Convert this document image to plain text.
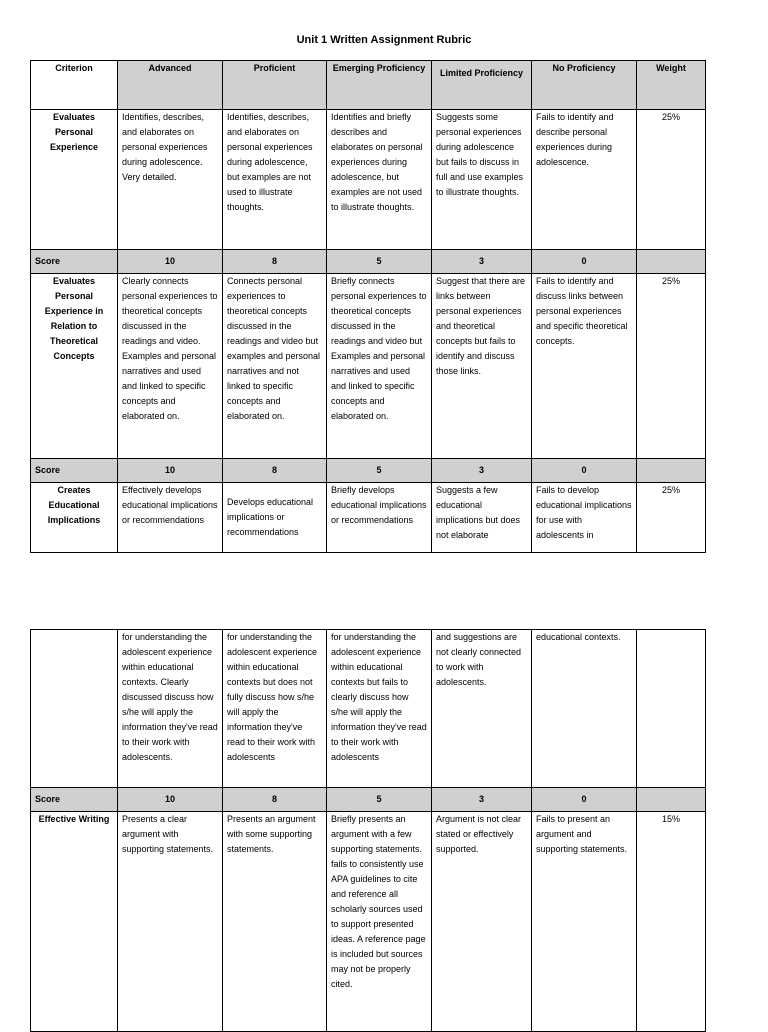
Unit 1 Written Assignment Rubric
Criterion	Advanced	Proficient	Emerging Proficiency	Limited Proficiency	No Proficiency	Weight
Evaluates Personal Experience	Identifies, describes, and elaborates on personal experiences during adolescence. Very detailed.	Identifies, describes, and elaborates on personal experiences during adolescence, but examples are not used to illustrate thoughts.	Identifies and briefly describes and elaborates on personal experiences during adolescence, but examples are not used to illustrate thoughts.	Suggests some personal experiences during adolescence but fails to discuss in full and use examples to illustrate thoughts.	Fails to identify and describe personal experiences during adolescence.	25%
Score	10	8	5	3	0	
Evaluates Personal Experience in Relation to Theoretical Concepts	Clearly connects personal experiences to theoretical concepts discussed in the readings and video. Examples and personal narratives and used and linked to specific concepts and elaborated on.	Connects personal experiences to theoretical concepts discussed in the readings and video but examples and personal narratives and not linked to specific concepts and elaborated on.	Briefly connects personal experiences to theoretical concepts discussed in the readings and video but Examples and personal narratives and used and linked to specific concepts and elaborated on.	Suggest that there are links between personal experiences and theoretical concepts but fails to identify and discuss those links.	Fails to identify and discuss links between personal experiences and specific theoretical concepts.	25%
Score	10	8	5	3	0	
Creates Educational Implications	Effectively develops educational implications or recommendations	Develops educational implications or recommendations	Briefly develops educational implications or recommendations	Suggests a few educational implications but does not elaborate	Fails to develop educational implications for use with adolescents in	25%
	for understanding the adolescent experience within educational contexts. Clearly discussed discuss how s/he will apply the information they've read to their work with adolescents.	for understanding the adolescent experience within educational contexts but does not fully discuss how s/he will apply the information they've read to their work with adolescents	for understanding the adolescent experience within educational contexts but fails to clearly discuss how s/he will apply the information they've read to their work with adolescents	and suggestions are not clearly connected to work with adolescents.	educational contexts.	
Score	10	8	5	3	0	
Effective Writing	Presents a clear argument with supporting statements.	Presents an argument with some supporting statements.	Briefly presents an argument with a few supporting statements. fails to consistently use APA guidelines to cite and reference all scholarly sources used to support presented ideas. A reference page is included but sources may not be properly cited.	Argument is not clear stated or effectively supported.	Fails to present an argument and supporting statements.	15%
